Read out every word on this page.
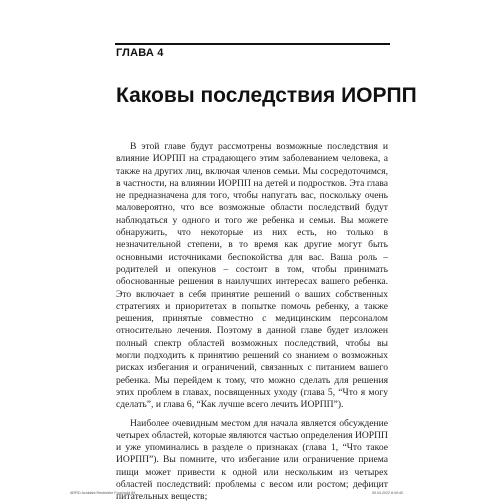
ГЛАВА 4
Каковы последствия ИОРПП

В этой главе будут рассмотрены возможные последствия и влияние ИОРПП на страдающего этим заболеванием человека, а также на других лиц, включая членов семьи. Мы сосредоточимся, в частности, на влиянии ИОРПП на детей и подростков. Эта глава не предназначена для того, чтобы напугать вас, поскольку очень маловероятно, что все возможные области последствий будут наблюдаться у одного и того же ребенка и семьи. Вы можете обнаружить, что некоторые из них есть, но только в незначительной степени, в то время как другие могут быть основными источниками беспокойства для вас. Ваша роль – родителей и опекунов – состоит в том, чтобы принимать обоснованные решения в наилучших интересах вашего ребенка. Это включает в себя принятие решений о ваших собственных стратегиях и приоритетах в попытке помочь ребенку, а также решения, принятые совместно с медицинским персоналом относительно лечения. Поэтому в данной главе будет изложен полный спектр областей возможных последствий, чтобы вы могли подходить к принятию решений со знанием о возможных рисках избегания и ограничений, связанных с питанием вашего ребенка. Мы перейдем к тому, что можно сделать для решения этих проблем в главах, посвященных уходу (глава 5, “Что я могу сделать”, и глава 6, “Как лучше всего лечить ИОРПП”).

Наиболее очевидным местом для начала является обсуждение четырех областей, которые являются частью определения ИОРПП и уже упоминались в разделе о признаках (глава 1, “Что такое ИОРПП”). Вы помните, что избегание или ограничение приема пищи может привести к одной или нескольким из четырех областей последствий: проблемы с весом или ростом; дефицит питательных веществ;

ARFID Avoidant Restrictive Food.indd 89	05.04.2022 8:49:40
